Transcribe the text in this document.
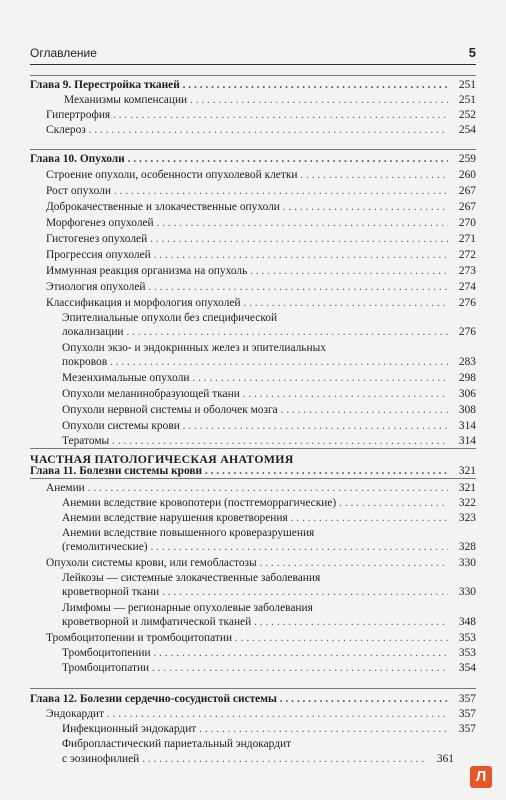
Оглавление	5
Глава 9. Перестройка тканей . . .	251
Механизмы компенсации . . .	251
Гипертрофия . . .	252
Склероз . . .	254
Глава 10. Опухоли . . .	259
Строение опухоли, особенности опухолевой клетки . . .	260
Рост опухоли . . .	267
Доброкачественные и злокачественные опухоли . . .	267
Морфогенез опухолей . . .	270
Гистогенез опухолей . . .	271
Прогрессия опухолей . . .	272
Иммунная реакция организма на опухоль . . .	273
Этиология опухолей . . .	274
Классификация и морфология опухолей . . .	276
Эпителиальные опухоли без специфической
локализации . . .	276
Опухоли экзо- и эндокринных желез и эпителиальных
покровов . . .	283
Мезенхимальные опухоли . . .	298
Опухоли меланинобразующей ткани . . .	306
Опухоли нервной системы и оболочек мозга . . .	308
Опухоли системы крови . . .	314
Тератомы . . .	314
ЧАСТНАЯ ПАТОЛОГИЧЕСКАЯ АНАТОМИЯ
Глава 11. Болезни системы крови . . .	321
Анемии . . .	321
Анемии вследствие кровопотери (постгеморрагические) . . .	322
Анемии вследствие нарушения кроветворения . . .	323
Анемии вследствие повышенного кроверазрушения
(гемолитические) . . .	328
Опухоли системы крови, или гемобластозы . . .	330
Лейкозы — системные злокачественные заболевания
кроветворной ткани . . .	330
Лимфомы — регионарные опухолевые заболевания
кроветворной и лимфатической тканей . . .	348
Тромбоцитопении и тромбоцитопатии . . .	353
Тромбоцитопении . . .	353
Тромбоцитопатии . . .	354
Глава 12. Болезни сердечно-сосудистой системы . . .	357
Эндокардит . . .	357
Инфекционный эндокардит . . .	357
Фибропластический париетальный эндокардит
с эозинофилией . . .	361
Л
